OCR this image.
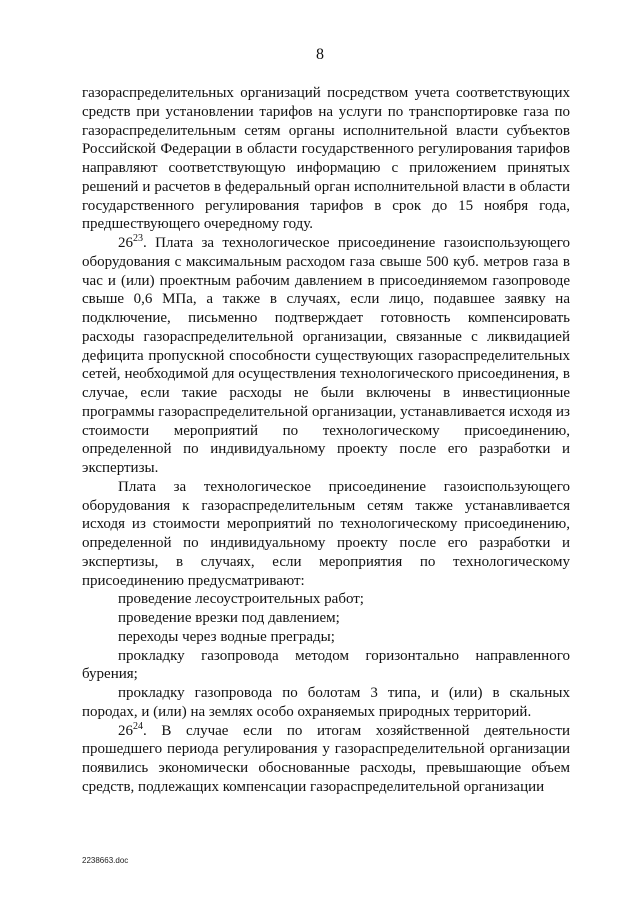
8

газораспределительных организаций посредством учета соответствующих средств при установлении тарифов на услуги по транспортировке газа по газораспределительным сетям органы исполнительной власти субъектов Российской Федерации в области государственного регулирования тарифов направляют соответствующую информацию с приложением принятых решений и расчетов в федеральный орган исполнительной власти в области государственного регулирования тарифов в срок до 15 ноября года, предшествующего очередному году.

$26^{23}$. Плата за технологическое присоединение газоиспользующего оборудования с максимальным расходом газа свыше 500 куб. метров газа в час и (или) проектным рабочим давлением в присоединяемом газопроводе свыше 0,6 МПа, а также в случаях, если лицо, подавшее заявку на подключение, письменно подтверждает готовность компенсировать расходы газораспределительной организации, связанные с ликвидацией дефицита пропускной способности существующих газораспределительных сетей, необходимой для осуществления технологического присоединения, в случае, если такие расходы не были включены в инвестиционные программы газораспределительной организации, устанавливается исходя из стоимости мероприятий по технологическому присоединению, определенной по индивидуальному проекту после его разработки и экспертизы.

Плата за технологическое присоединение газоиспользующего оборудования к газораспределительным сетям также устанавливается исходя из стоимости мероприятий по технологическому присоединению, определенной по индивидуальному проекту после его разработки и экспертизы, в случаях, если мероприятия по технологическому присоединению предусматривают:

проведение лесоустроительных работ;

проведение врезки под давлением;

переходы через водные преграды;

прокладку газопровода методом горизонтально направленного бурения;

прокладку газопровода по болотам 3 типа, и (или) в скальных породах, и (или) на землях особо охраняемых природных территорий.

$26^{24}$. В случае если по итогам хозяйственной деятельности прошедшего периода регулирования у газораспределительной организации появились экономически обоснованные расходы, превышающие объем средств, подлежащих компенсации газораспределительной организации

2238663.doc
